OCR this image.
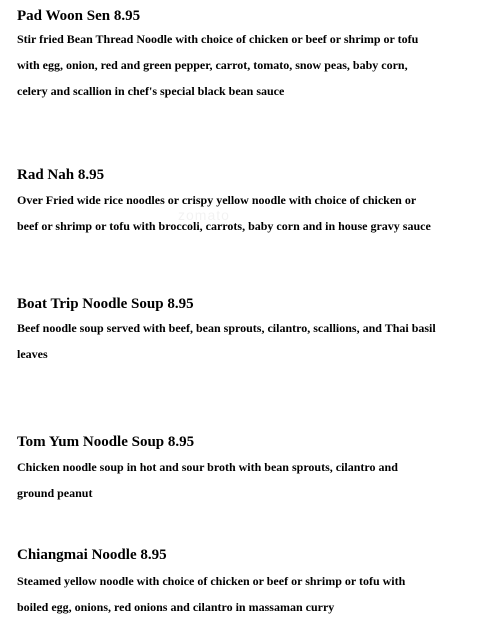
zomato

Pad Woon Sen 8.95

Stir fried Bean Thread Noodle with choice of chicken or beef or shrimp or tofu
with egg, onion, red and green pepper, carrot, tomato, snow peas, baby corn,
celery and scallion in chef's special black bean sauce

Rad Nah 8.95

Over Fried wide rice noodles or crispy yellow noodle with choice of chicken or
beef or shrimp or tofu with broccoli, carrots, baby corn and in house gravy sauce

Boat Trip Noodle Soup 8.95

Beef noodle soup served with beef, bean sprouts, cilantro, scallions, and Thai basil
leaves

Tom Yum Noodle Soup 8.95

Chicken noodle soup in hot and sour broth with bean sprouts, cilantro and
ground peanut

Chiangmai Noodle 8.95

Steamed yellow noodle with choice of chicken or beef or shrimp or tofu with
boiled egg, onions, red onions and cilantro in massaman curry
